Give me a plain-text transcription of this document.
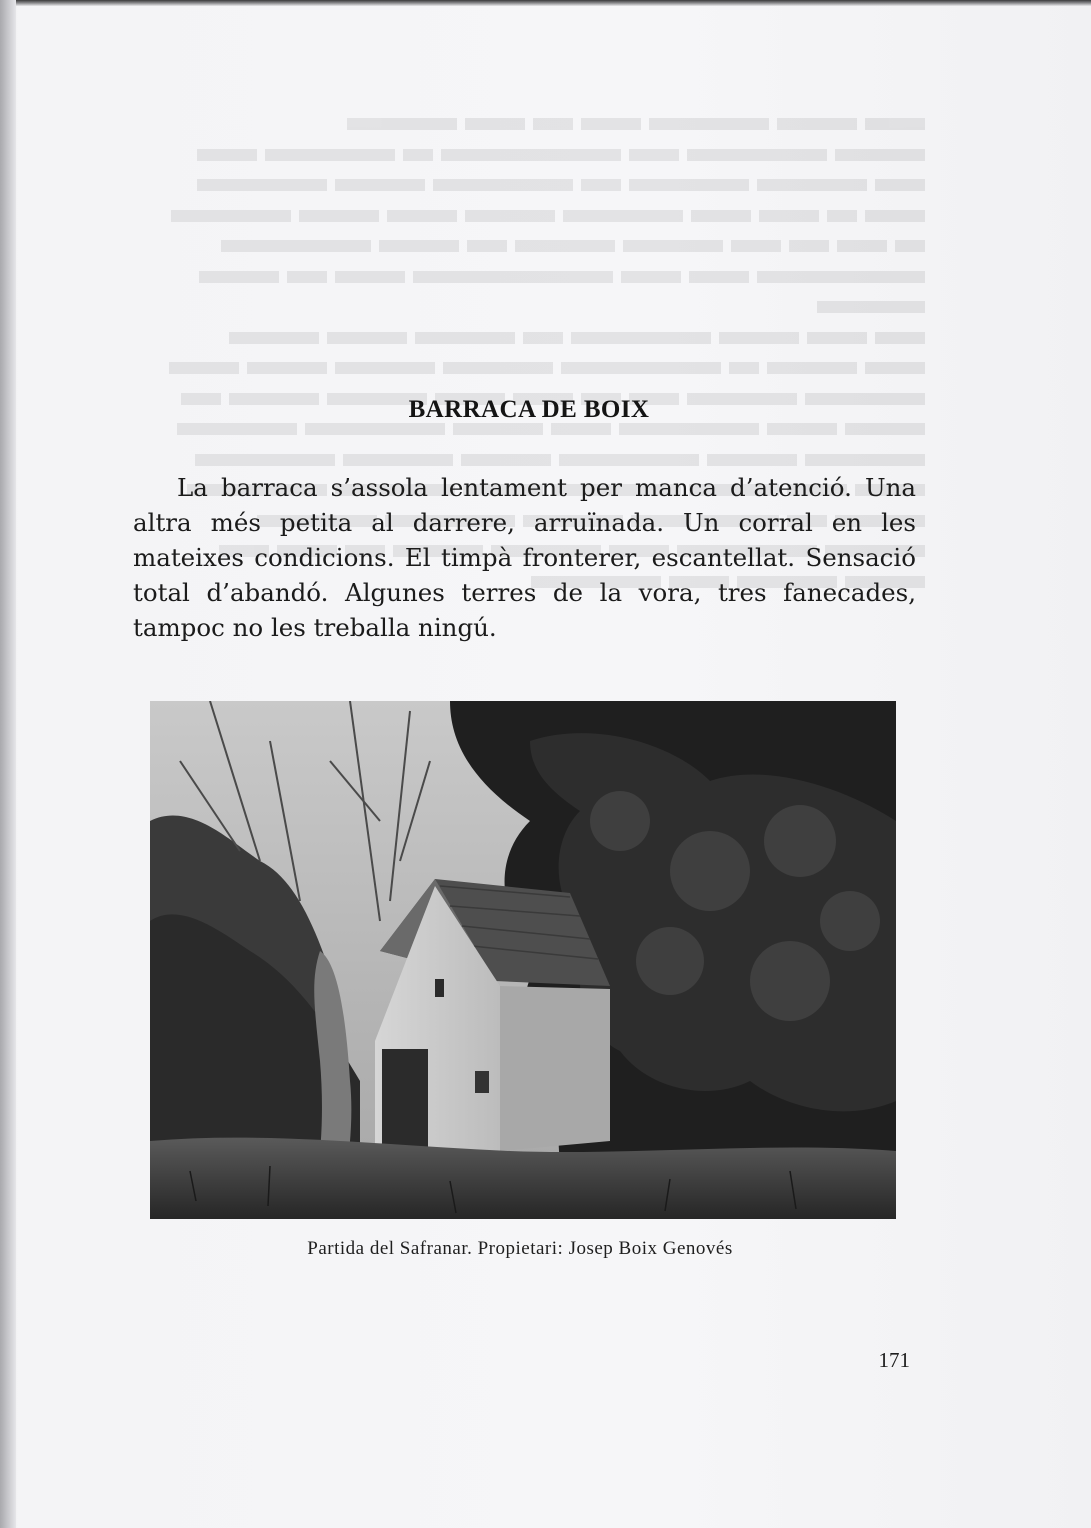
BARRACA DE BOIX

La barraca s’assola lentament per manca d’atenció. Una altra més petita al darrere, arruïnada. Un corral en les mateixes condicions. El timpà fronterer, escantellat. Sensació total d’abandó. Algunes terres de la vora, tres fanecades, tampoc no les treballa ningú.

Partida del Safranar. Propietari: Josep Boix Genovés

171
